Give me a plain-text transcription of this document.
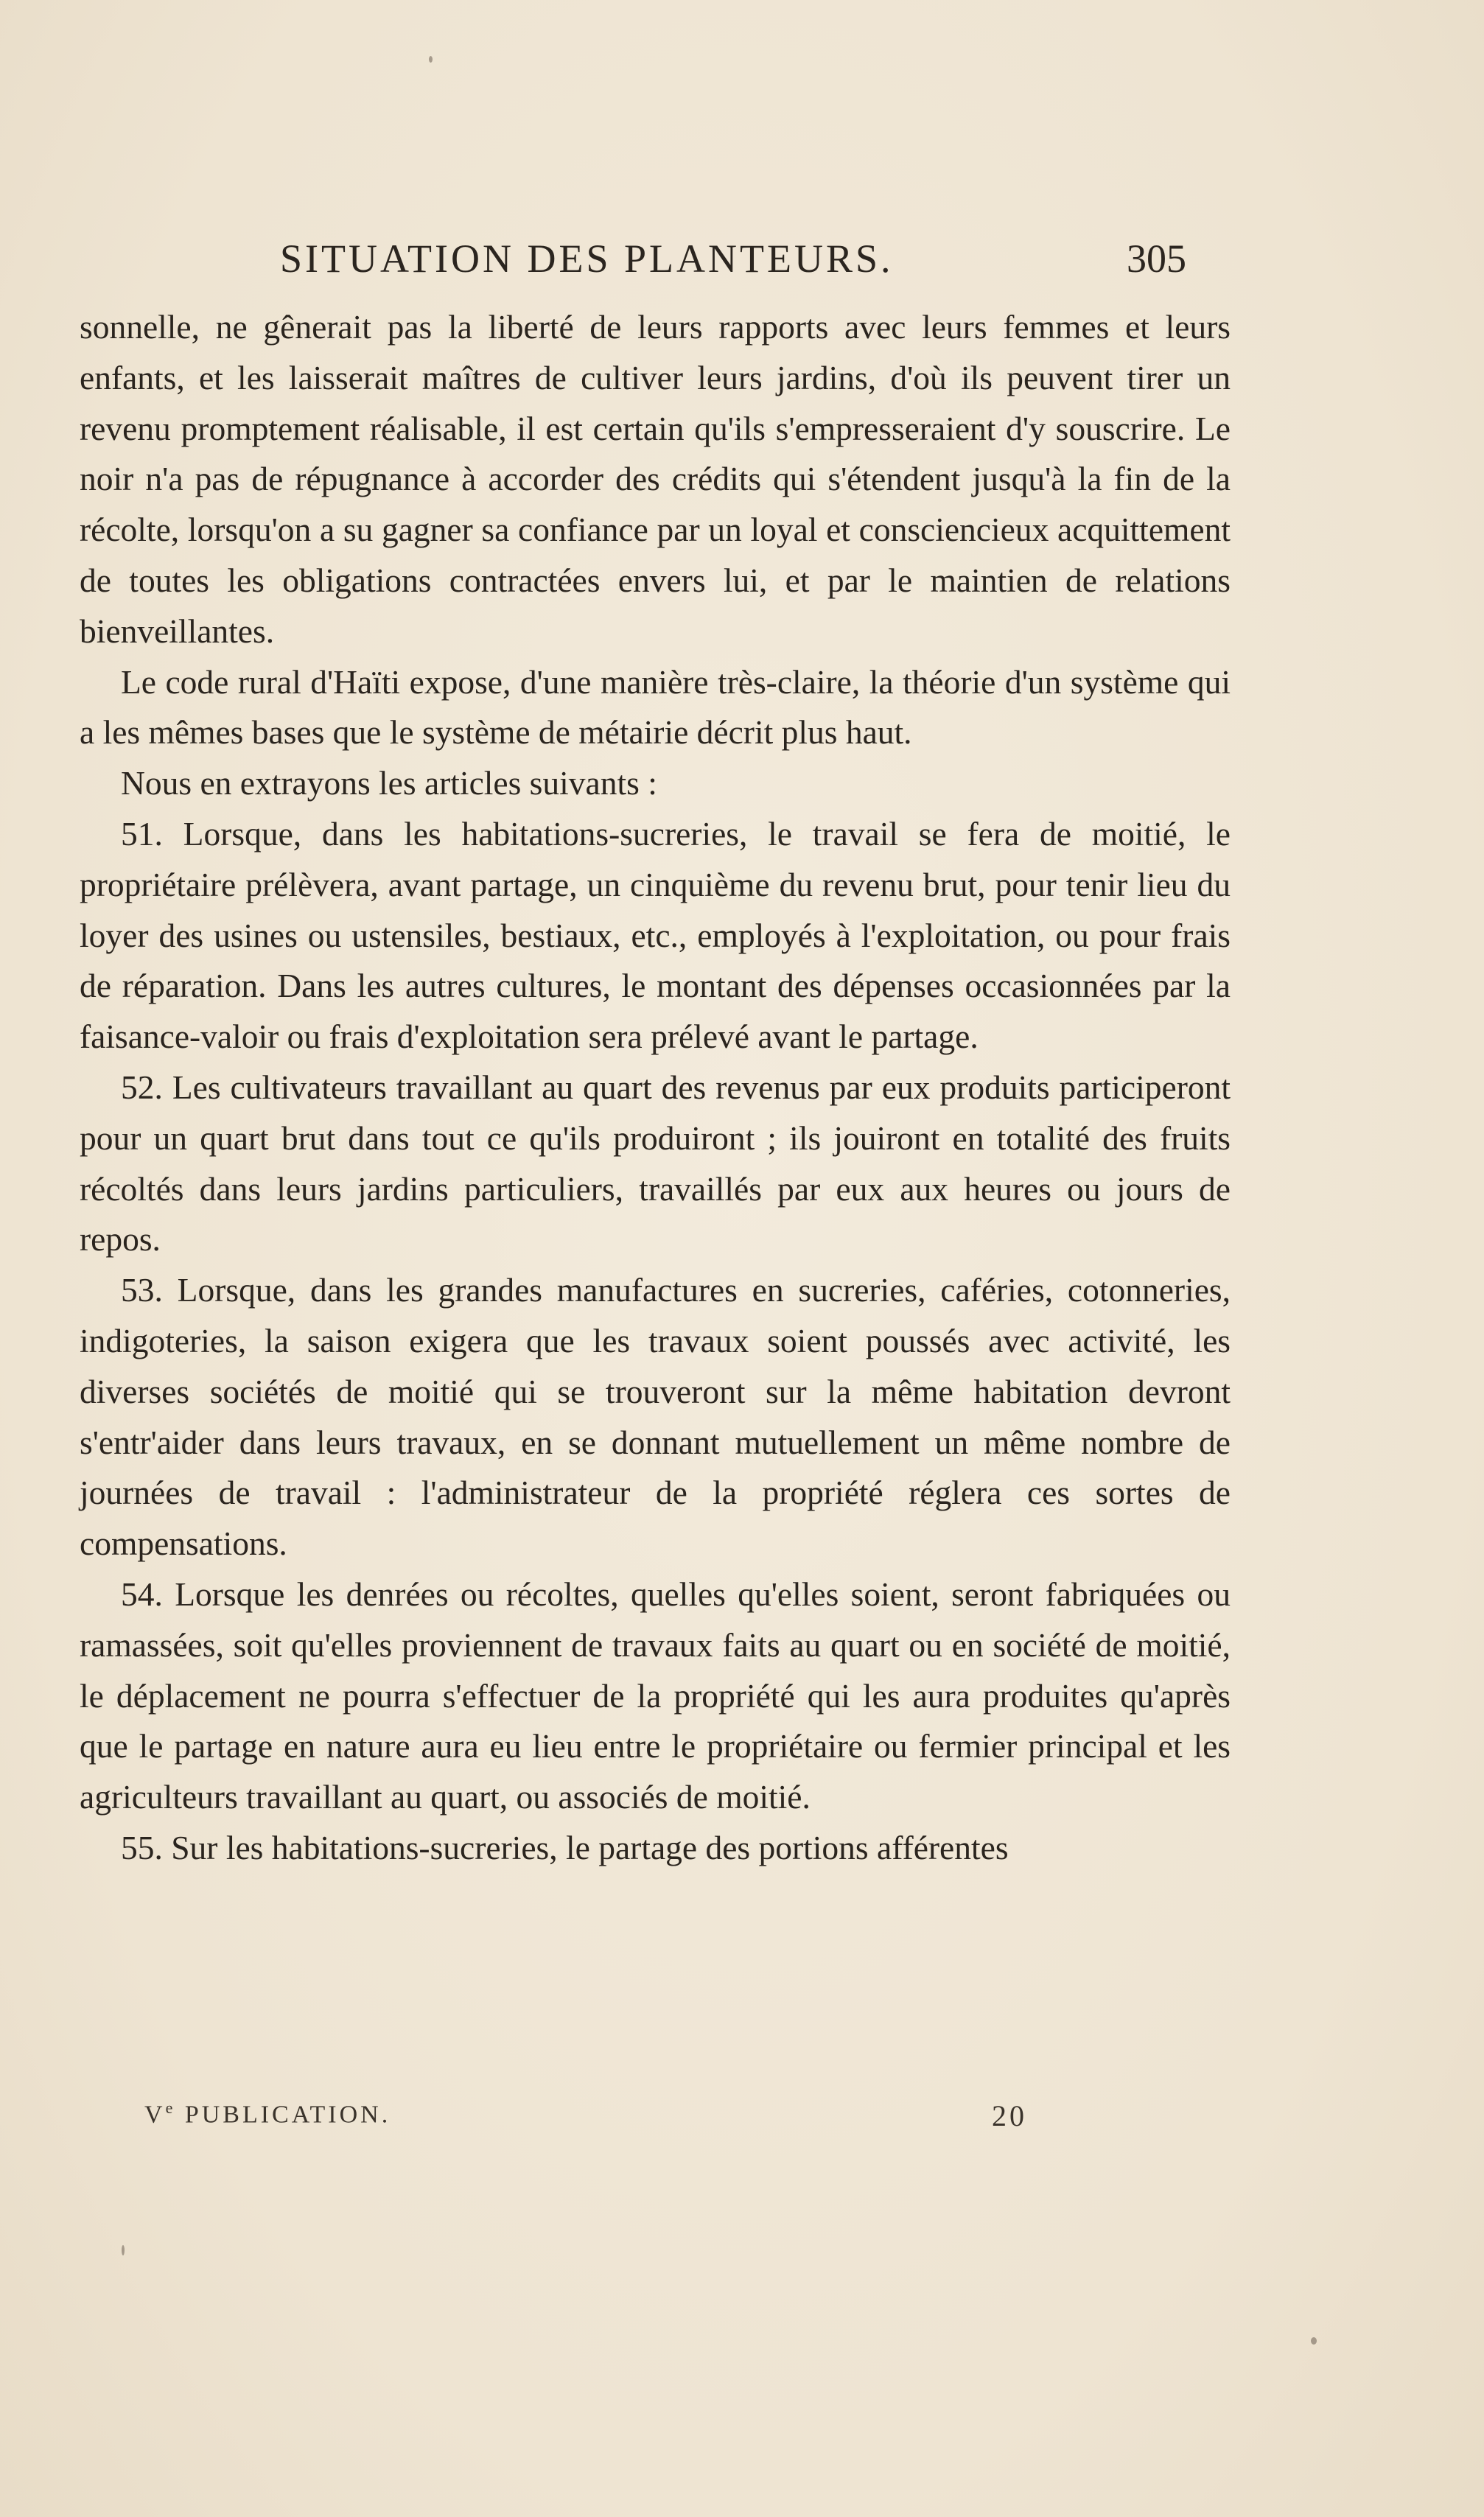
SITUATION DES PLANTEURS.	305

sonnelle, ne gênerait pas la liberté de leurs rapports avec leurs femmes et leurs enfants, et les laisserait maîtres de cultiver leurs jardins, d'où ils peuvent tirer un revenu promptement réalisable, il est certain qu'ils s'empresseraient d'y souscrire. Le noir n'a pas de répugnance à accorder des crédits qui s'étendent jusqu'à la fin de la récolte, lorsqu'on a su gagner sa confiance par un loyal et consciencieux acquittement de toutes les obligations contractées envers lui, et par le maintien de relations bienveillantes.

Le code rural d'Haïti expose, d'une manière très-claire, la théorie d'un système qui a les mêmes bases que le système de métairie décrit plus haut.

Nous en extrayons les articles suivants :

51. Lorsque, dans les habitations-sucreries, le travail se fera de moitié, le propriétaire prélèvera, avant partage, un cinquième du revenu brut, pour tenir lieu du loyer des usines ou ustensiles, bestiaux, etc., employés à l'exploitation, ou pour frais de réparation. Dans les autres cultures, le montant des dépenses occasionnées par la faisance-valoir ou frais d'exploitation sera prélevé avant le partage.

52. Les cultivateurs travaillant au quart des revenus par eux produits participeront pour un quart brut dans tout ce qu'ils produiront ; ils jouiront en totalité des fruits récoltés dans leurs jardins particuliers, travaillés par eux aux heures ou jours de repos.

53. Lorsque, dans les grandes manufactures en sucreries, caféries, cotonneries, indigoteries, la saison exigera que les travaux soient poussés avec activité, les diverses sociétés de moitié qui se trouveront sur la même habitation devront s'entr'aider dans leurs travaux, en se donnant mutuellement un même nombre de journées de travail : l'administrateur de la propriété réglera ces sortes de compensations.

54. Lorsque les denrées ou récoltes, quelles qu'elles soient, seront fabriquées ou ramassées, soit qu'elles proviennent de travaux faits au quart ou en société de moitié, le déplacement ne pourra s'effectuer de la propriété qui les aura produites qu'après que le partage en nature aura eu lieu entre le propriétaire ou fermier principal et les agriculteurs travaillant au quart, ou associés de moitié.

55. Sur les habitations-sucreries, le partage des portions afférentes

Ve PUBLICATION.	20
